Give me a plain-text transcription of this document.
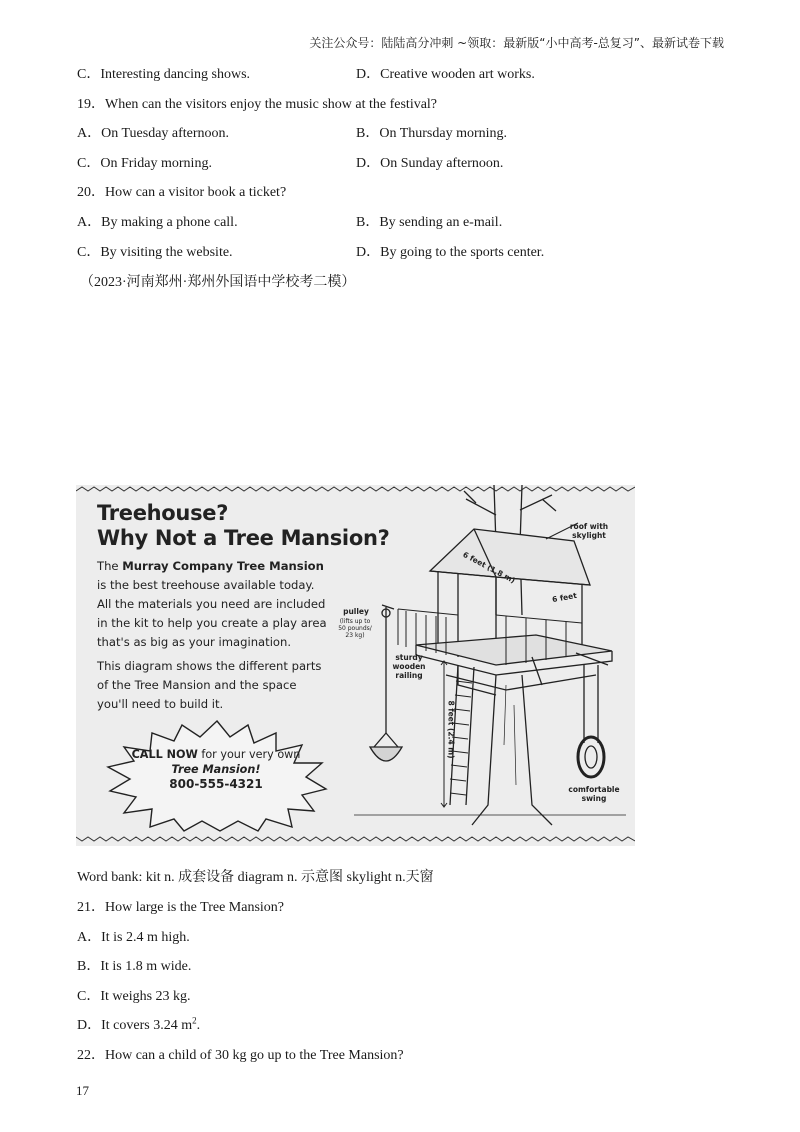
关注公众号：陆陆高分冲刺 ~领取：最新版“小中高考-总复习”、最新试卷下载
C．Interesting dancing shows.	D．Creative wooden art works.
19．When can the visitors enjoy the music show at the festival?
A．On Tuesday afternoon.	B．On Thursday morning.
C．On Friday morning.	D．On Sunday afternoon.
20．How can a visitor book a ticket?
A．By making a phone call.	B．By sending an e-mail.
C．By visiting the website.	D．By going to the sports center.
（2023·河南郑州·郑州外国语中学校考二模）
Treehouse?
Why Not a Tree Mansion?
The Murray Company Tree Mansion is the best treehouse available today. All the materials you need are included in the kit to help you create a play area that's as big as your imagination.
This diagram shows the different parts of the Tree Mansion and the space you'll need to build it.
CALL NOW for your very own
Tree Mansion!
800-555-4321
roof with skylight
6 feet (1.8 m)
6 feet
pulley
(lifts up to 50 pounds/ 23 kg)
sturdy wooden railing
8 feet (2.4 m)
comfortable swing
Word bank: kit n. 成套设备 diagram n. 示意图 skylight n.天窗
21．How large is the Tree Mansion?
A．It is 2.4 m high.
B．It is 1.8 m wide.
C．It weighs 23 kg.
D．It covers 3.24 $m^2$.
22．How can a child of 30 kg go up to the Tree Mansion?
17
